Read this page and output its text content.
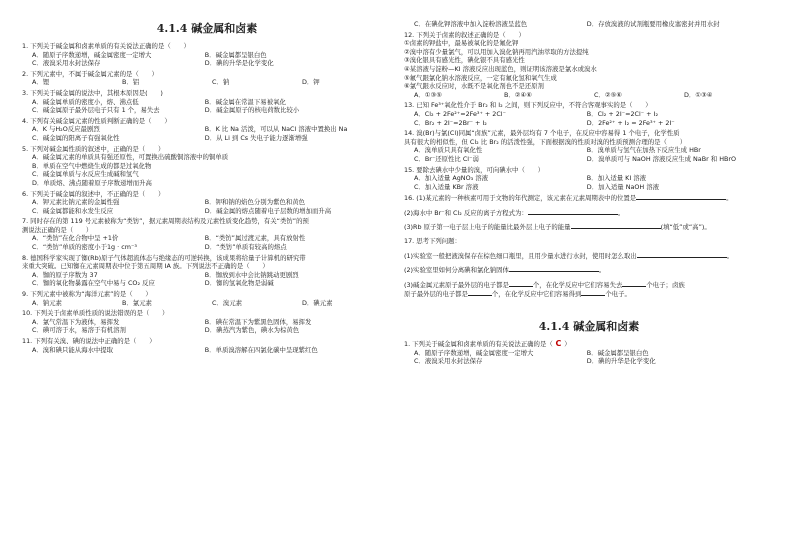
4.1.4 碱金属和卤素

1. 下列关于碱金属和卤素单质的有关说法正确的是（　　）

A．随原子序数递增，碱金属密度一定增大	B．碱金属都呈银白色
C．液溴采用水封法保存	D．碘的升华是化学变化

2. 下列元素中，不属于碱金属元素的是（　　）

A．锂	B．铝	C．钠	D．钾

3. 下列关于碱金属的说法中，其根本原因是(　　)

A．碱金属单质的密度小，熔、沸点低	B．碱金属在常温下易被氧化
C．碱金属原子最外层电子只有 1 个，易失去	D．碱金属原子的核电荷数比较小

4. 下列有关碱金属元素的性质判断正确的是（　　）

A．K 与H₂O反应最剧烈	B．K 比 Na 活泼，可以从 NaCl 溶液中置换出 Na
C．碱金属的阳离子有强氧化性	D．从 Li 到 Cs 失电子能力逐渐增强

5. 下列对碱金属性质的叙述中，正确的是（　　）

A．碱金属元素的单质具有强还原性，可置换出硫酸铜溶液中的铜单质
B．单质在空气中燃烧生成的都是过氧化物
C．碱金属单质与水反应生成碱和氢气
D．单质熔、沸点随着原子序数递增而升高

6. 下列关于碱金属的叙述中，不正确的是（　　）

A．钾元素比钠元素的金属性强	B．钾和钠的焰色分别为紫色和黄色
C．碱金属都能和水发生反应	D．碱金属的熔点随着电子层数的增加而升高

7. 同时存在的第 119 号元素被称为“类钫”，据元素周期表结构及元素性质变化趋势，有关“类钫”的预

测说法正确的是（　　）

A．“类钫”在化合物中呈 +1价	B．“类钫”属过渡元素，具有放射性
C．“类钫”单质的密度小于1g · cm⁻³	D．“类钫”单质有较高的熔点

8. 德国科学家实现了铷(Rb)原子气体超流体态与绝缘态的可逆转换，该成果将给量子计算机的研究带

来重大突破。已知铷在元素周期表中位于第五周期 IA 族。下列说法不正确的是（　　）

A．铷的原子序数为 37	B．铷放到水中会比钠跳动更剧烈
C．铷的氧化物暴露在空气中易与 CO₂ 反应	D．铷的氢氧化物是弱碱

9. 下列元素中被称为“海洋元素”的是（　　）

A．钠元素	B．氯元素	C．溴元素	D．碘元素

10. 下列关于卤素单质性质的说法错误的是（　　）

A．氯气常温下为液体，易挥发	B．碘在常温下为紫黑色固体，易挥发
C．碘可溶于水，易溶于有机溶剂	D．碘蒸汽为紫色，碘水为棕黄色

11. 下列有关溴、碘的说法中正确的是（　　）

A．溴和碘只能从海水中提取	B．单质溴溶解在四氯化碳中呈现紫红色
C．在碘化钾溶液中加入淀粉溶液呈蓝色	D．存放溴液的试剂瓶要用橡皮塞密封并用水封

12. 下列关于卤素的叙述正确的是（　　）

①卤素的钾盐中，最易被氧化的是氟化钾

②溴中溶有少量氯气，可以用加入溴化钠再用汽油萃取的方法提纯

③溴化银具有感光性，碘化银不具有感光性

④某溶液与淀粉—KI 溶液反应出现蓝色，则证明该溶液是氯水或溴水

⑤氟气跟氯化钠水溶液反应，一定有氟化氢和氧气生成

⑥氯气跟水反应时，水既不是氧化剂也不是还原剂

A．①③⑤	B．②④⑥	C．②⑤⑥	D．①③④

13. 已知 Fe³⁺氧化性介于 Br₂ 和 I₂ 之间，则下列反应中，不符合客观事实的是（　　）

A．Cl₂ + 2Fe²⁺=2Fe³⁺ + 2Cl⁻	B．Cl₂ + 2I⁻=2Cl⁻ + I₂
C．Br₂ + 2I⁻=2Br⁻ + I₂	D．2Fe²⁺ + I₂ = 2Fe³⁺ + 2I⁻

14. 溴(Br)与氯(Cl)同属“卤族”元素，最外层均有 7 个电子，在反应中容易得 1 个电子，化学性质

具有很大的相似性，但 Cl₂ 比 Br₂ 的活泼性强，下面根据溴的性质对溴的性质预测合理的是（　　）

A．溴单质只具有氧化性	B．溴单质与氢气在加热下反应生成 HBr
C．Br⁻还原性比 Cl⁻弱	D．溴单质可与 NaOH 溶液反应生成 NaBr 和 HBrO

15. 要除去碘水中少量的溴，可向碘水中（　　）

A．加入适量 AgNO₃ 溶液	B．加入适量 KI 溶液
C．加入适量 KBr 溶液	D．加入适量 NaOH 溶液

16. (1)某元素的一种核素可用于文物的年代测定，该元素在元素周期表中的位置是	。

(2)海水中 Br⁻和 Cl₂ 反应的离子方程式为：	。

(3)Rb 原子第一电子层上电子的能量比最外层上电子的能量	(填“低”或“高”)。

17. 思考下列问题：

(1)实验室一般把液溴保存在棕色细口瓶里，且用少量水进行水封，使用时怎么取出	。

(2)实验室里如何分离碘和氯化钠固体	。

(3)碱金属元素原子最外层的电子都是	个，在化学反应中它们容易失去	个电子；卤族

原子最外层的电子都是	个，在化学反应中它们容易得到	个电子。

4.1.4 碱金属和卤素

1. 下列关于碱金属和卤素单质的有关说法正确的是（ C ）

A．随原子序数递增，碱金属密度一定增大	B．碱金属都呈银白色
C．液溴采用水封法保存	D．碘的升华是化学变化
